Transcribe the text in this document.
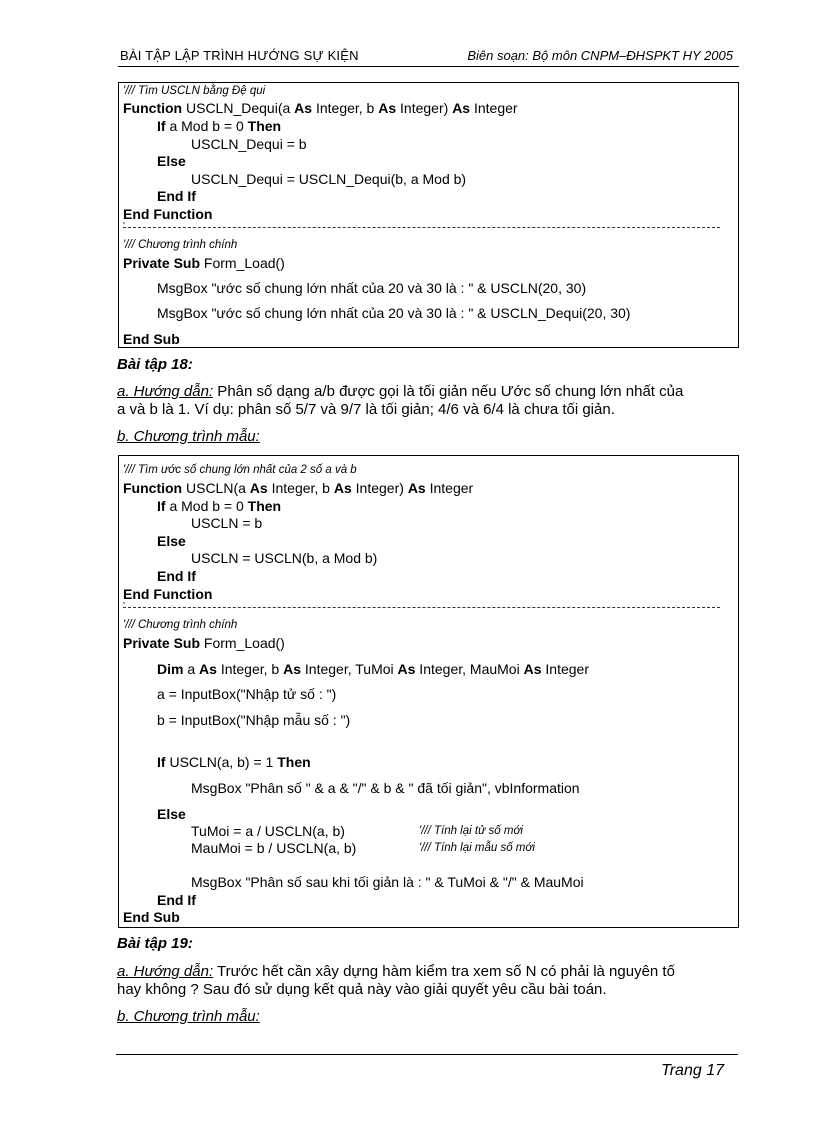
BÀI TẬP LẬP TRÌNH HƯỚNG SỰ KIỆN	Biên soạn: Bộ môn CNPM–ĐHSPKT HY 2005
'/// Tìm USCLN bằng Đệ qui
Function USCLN_Dequi(a As Integer, b As Integer) As Integer
If a Mod b = 0 Then
USCLN_Dequi = b
Else
USCLN_Dequi = USCLN_Dequi(b, a Mod b)
End If
End Function
'
'/// Chương trình chính
Private Sub Form_Load()
MsgBox "ước số chung lớn nhất của 20 và 30 là : " & USCLN(20, 30)
MsgBox "ước số chung lớn nhất của 20 và 30 là : " & USCLN_Dequi(20, 30)
End Sub
Bài tập 18:
a. Hướng dẫn: Phân số dạng a/b được gọi là tối giản nếu Ước số chung lớn nhất của
a và b là 1. Ví dụ: phân số 5/7 và 9/7 là tối giản; 4/6 và 6/4 là chưa tối giản.
b. Chương trình mẫu:
'/// Tìm ước số chung lớn nhất của 2 số a và b
Function USCLN(a As Integer, b As Integer) As Integer
If a Mod b = 0 Then
USCLN = b
Else
USCLN = USCLN(b, a Mod b)
End If
End Function
'
'/// Chương trình chính
Private Sub Form_Load()
Dim a As Integer, b As Integer, TuMoi As Integer, MauMoi As Integer
a = InputBox("Nhập tử số : ")
b = InputBox("Nhập mẫu số : ")
If USCLN(a, b) = 1 Then
MsgBox "Phân số " & a & "/" & b & " đã tối giản", vbInformation
Else
TuMoi = a / USCLN(a, b)	'/// Tính lại tử số mới
MauMoi = b / USCLN(a, b)	'/// Tính lại mẫu số mới
MsgBox "Phân số sau khi tối giản là : " & TuMoi & "/" & MauMoi
End If
End Sub
Bài tập 19:
a. Hướng dẫn: Trước hết cần xây dựng hàm kiểm tra xem số N có phải là nguyên tố
hay không ? Sau đó sử dụng kết quả này vào giải quyết yêu cầu bài toán.
b. Chương trình mẫu:
Trang 17
